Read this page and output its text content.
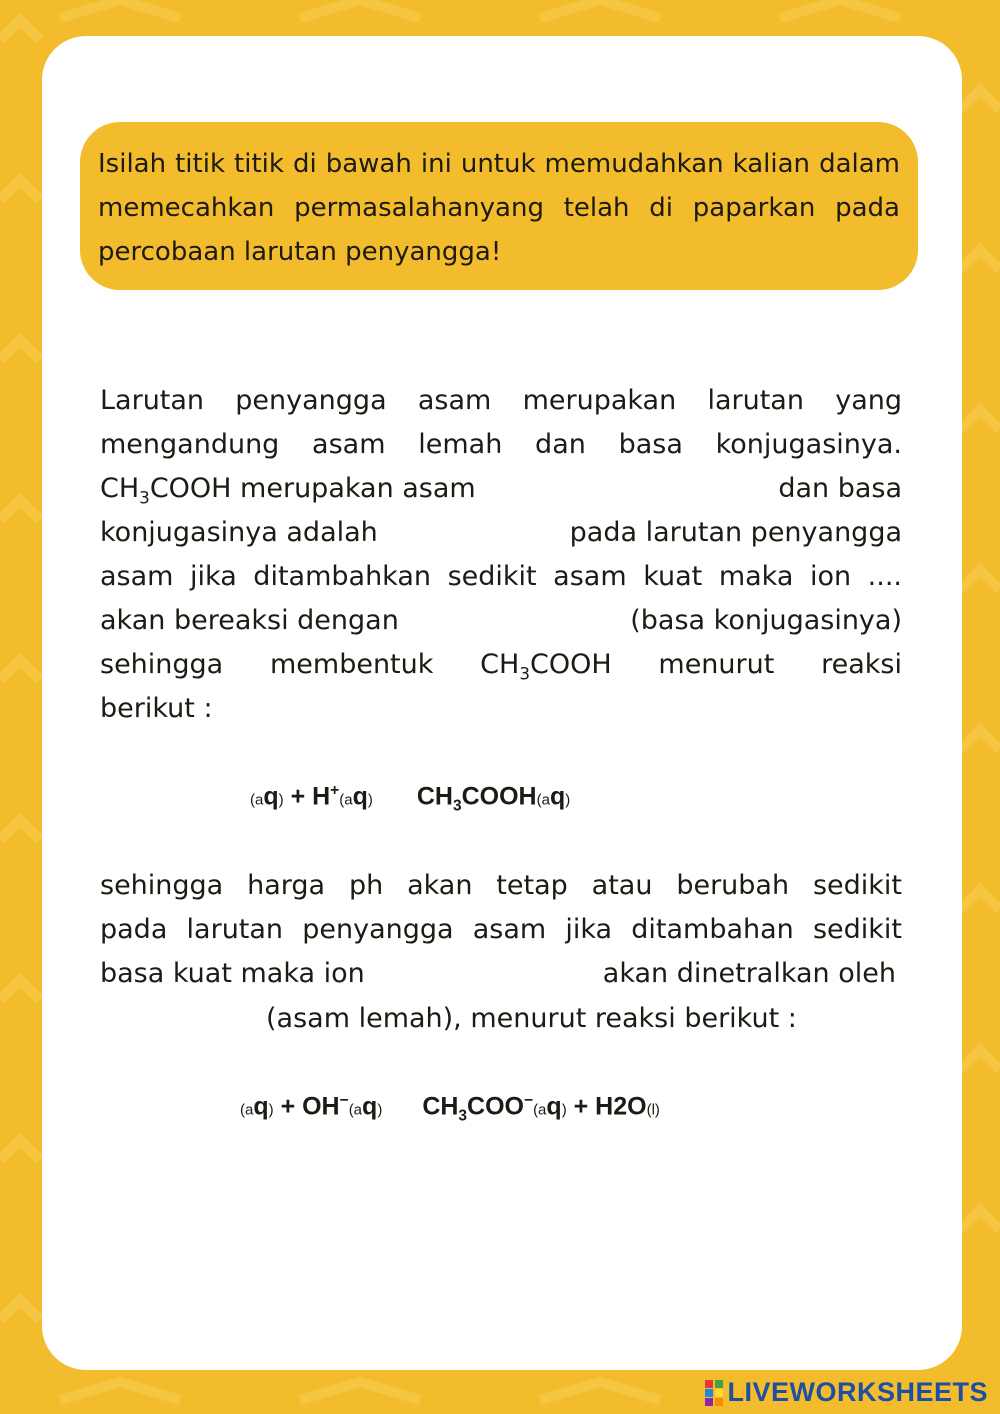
Isilah titik titik di bawah ini untuk memudahkan kalian dalam memecahkan permasalahanyang telah di paparkan pada percobaan larutan penyangga!

Larutan penyangga asam merupakan larutan yang
mengandung asam lemah dan basa konjugasinya.
$CH_3COOH$ merupakan asam	dan basa
konjugasinya adalah	pada larutan penyangga
asam jika ditambahkan sedikit asam kuat maka ion ....
akan bereaksi dengan	(basa konjugasinya)
sehingga membentuk $CH_3COOH$ menurut reaksi
berikut :
(aq) + H+(aq) $CH_3COOH(aq)$
sehingga harga ph akan tetap atau berubah sedikit
pada larutan penyangga asam jika ditambahan sedikit
basa kuat maka ion	akan dinetralkan oleh
(asam lemah), menurut reaksi berikut :
(aq) + OH−(aq) $CH_3COO^-(aq) + H2O(l)$
LIVEWORKSHEETS
